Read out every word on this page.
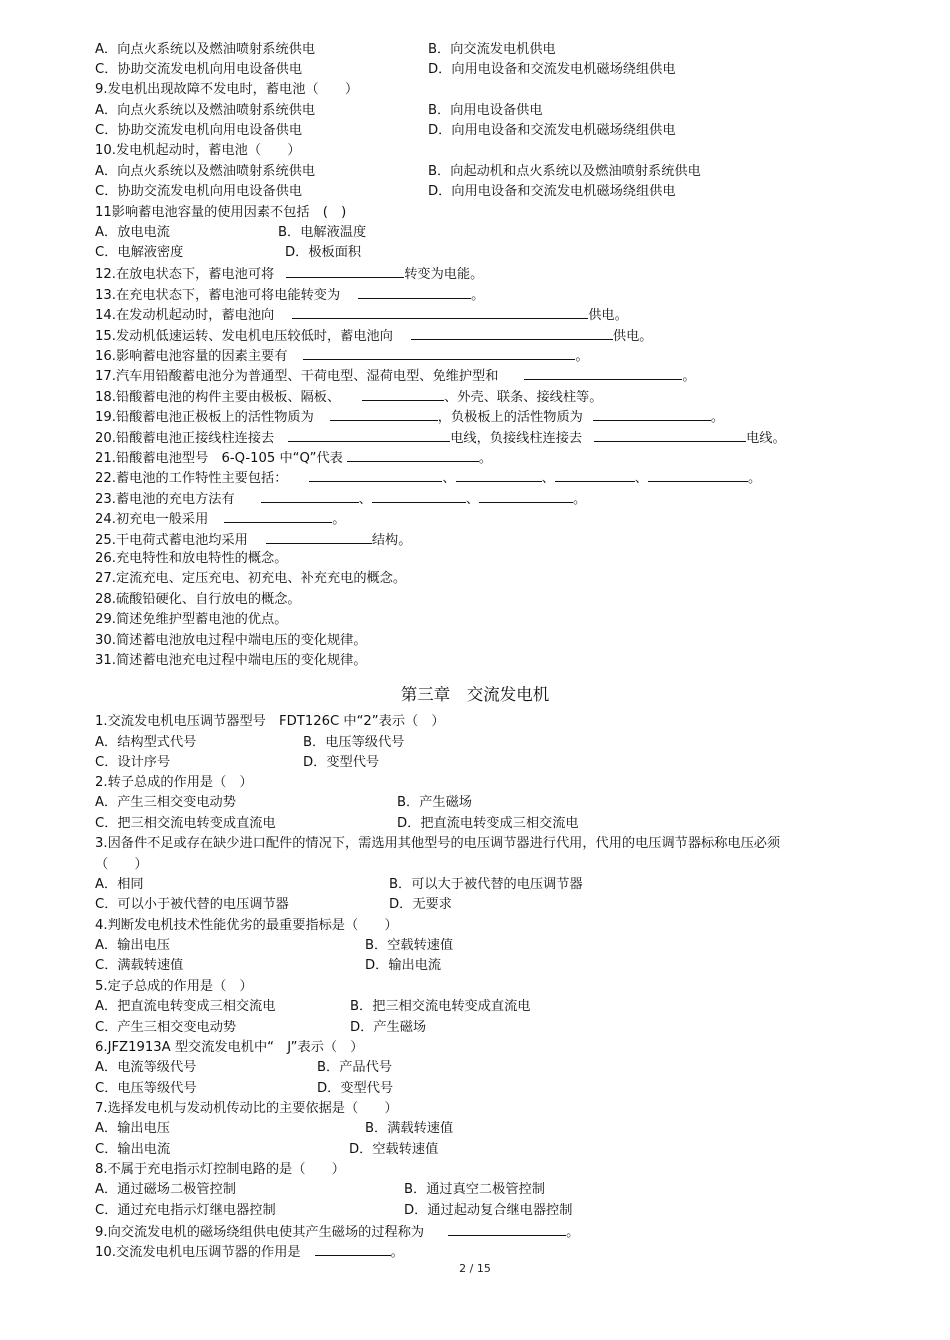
A．向点火系统以及燃油喷射系统供电	B．向交流发电机供电
C．协助交流发电机向用电设备供电	D．向用电设备和交流发电机磁场绕组供电
9.发电机出现故障不发电时，蓄电池（　　）
A．向点火系统以及燃油喷射系统供电	B．向用电设备供电
C．协助交流发电机向用电设备供电	D．向用电设备和交流发电机磁场绕组供电
10.发电机起动时，蓄电池（　　）
A．向点火系统以及燃油喷射系统供电	B．向起动机和点火系统以及燃油喷射系统供电
C．协助交流发电机向用电设备供电	D．向用电设备和交流发电机磁场绕组供电
11影响蓄电池容量的使用因素不包括　(　)
A．放电电流	B．电解液温度
C．电解液密度	D．极板面积
12.在放电状态下，蓄电池可将	转变为电能。
13.在充电状态下，蓄电池可将电能转变为	。
14.在发动机起动时，蓄电池向	供电。
15.发动机低速运转、发电机电压较低时，蓄电池向	供电。
16.影响蓄电池容量的因素主要有	。
17.汽车用铅酸蓄电池分为普通型、干荷电型、湿荷电型、免维护型和	。
18.铅酸蓄电池的构件主要由极板、隔板、	、外壳、联条、接线柱等。
19.铅酸蓄电池正极板上的活性物质为	，负极板上的活性物质为	。
20.铅酸蓄电池正接线柱连接去	电线，负接线柱连接去	电线。
21.铅酸蓄电池型号　6-Q-105 中“Q”代表	。
22.蓄电池的工作特性主要包括：	、	、	、	。
23.蓄电池的充电方法有	、	、	。
24.初充电一般采用	。
25.干电荷式蓄电池均采用	结构。
26.充电特性和放电特性的概念。
27.定流充电、定压充电、初充电、补充充电的概念。
28.硫酸铅硬化、自行放电的概念。
29.简述免维护型蓄电池的优点。
30.简述蓄电池放电过程中端电压的变化规律。
31.简述蓄电池充电过程中端电压的变化规律。
第三章　交流发电机
1.交流发电机电压调节器型号　FDT126C 中“2”表示（　）
A．结构型式代号	B．电压等级代号
C．设计序号	D．变型代号
2.转子总成的作用是（　）
A．产生三相交变电动势	B．产生磁场
C．把三相交流电转变成直流电	D．把直流电转变成三相交流电
3.因备件不足或存在缺少进口配件的情况下，需选用其他型号的电压调节器进行代用，代用的电压调节器标称电压必须
（　　）
A．相同	B．可以大于被代替的电压调节器
C．可以小于被代替的电压调节器	D．无要求
4.判断发电机技术性能优劣的最重要指标是（　　）
A．输出电压	B．空载转速值
C．满载转速值	D．输出电流
5.定子总成的作用是（　）
A．把直流电转变成三相交流电	B．把三相交流电转变成直流电
C．产生三相交变电动势	D．产生磁场
6.JFZ1913A 型交流发电机中“　J”表示（　）
A．电流等级代号	B．产品代号
C．电压等级代号	D．变型代号
7.选择发电机与发动机传动比的主要依据是（　　）
A．输出电压	B．满载转速值
C．输出电流	D．空载转速值
8.不属于充电指示灯控制电路的是（　　）
A．通过磁场二极管控制	B．通过真空二极管控制
C．通过充电指示灯继电器控制	D．通过起动复合继电器控制
9.向交流发电机的磁场绕组供电使其产生磁场的过程称为	。
10.交流发电机电压调节器的作用是	。
2 / 15
